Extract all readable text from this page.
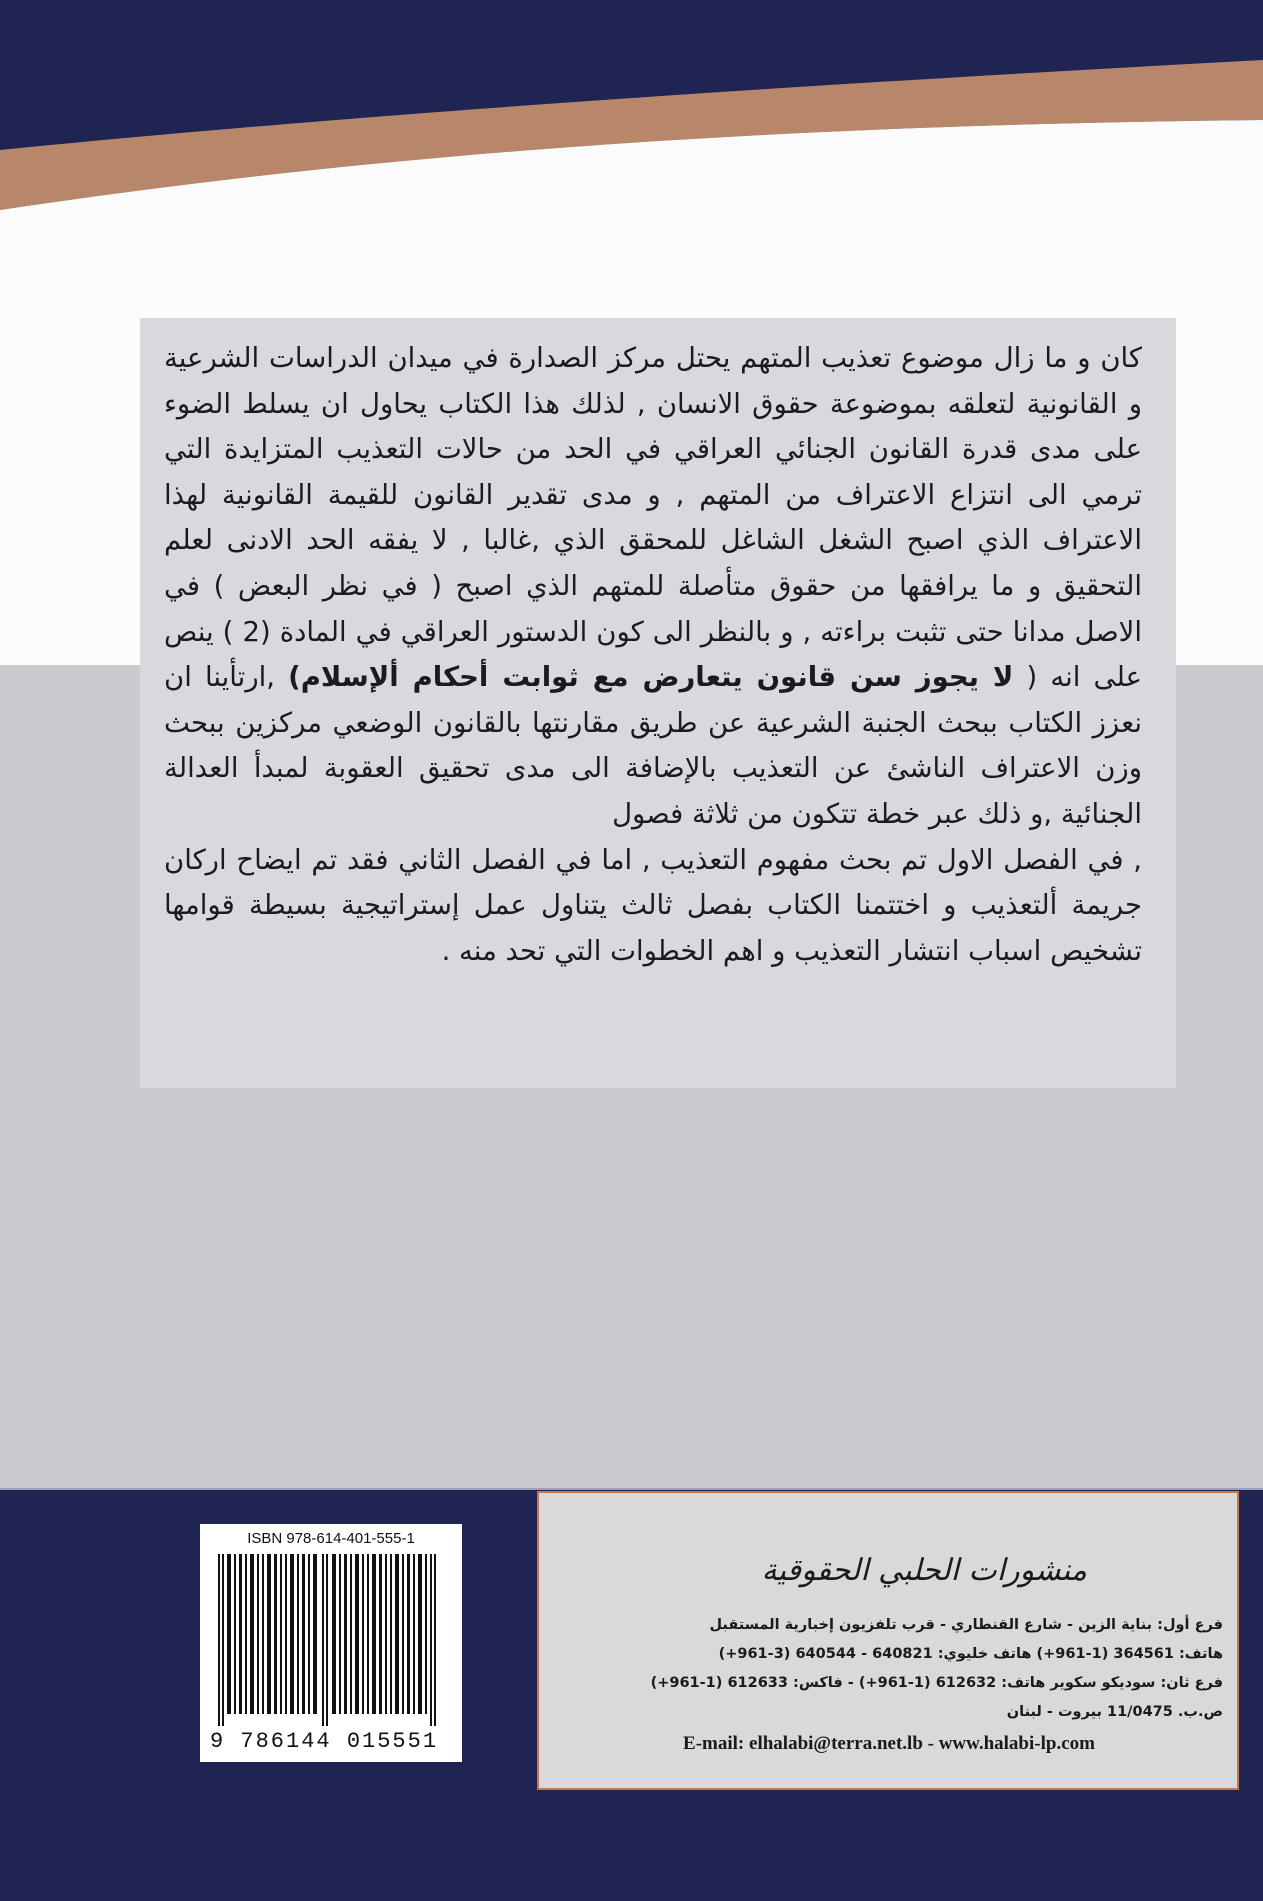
كان و ما زال موضوع تعذيب المتهم يحتل مركز الصدارة في ميدان الدراسات الشرعية و القانونية لتعلقه بموضوعة حقوق الانسان , لذلك هذا الكتاب يحاول ان يسلط الضوء على مدى قدرة القانون الجنائي العراقي في الحد من حالات التعذيب المتزايدة التي ترمي الى انتزاع الاعتراف من المتهم , و مدى تقدير القانون للقيمة القانونية لهذا الاعتراف الذي اصبح الشغل الشاغل للمحقق الذي ,غالبا , لا يفقه الحد الادنى لعلم التحقيق و ما يرافقها من حقوق متأصلة للمتهم الذي اصبح ( في نظر البعض ) في الاصل مدانا حتى تثبت براءته , و بالنظر الى كون الدستور العراقي في المادة (2 ) ينص على انه ( لا يجوز سن قانون يتعارض مع ثوابت أحكام ألإسلام) ,ارتأينا ان نعزز الكتاب ببحث الجنبة الشرعية عن طريق مقارنتها بالقانون الوضعي مركزين ببحث وزن الاعتراف الناشئ عن التعذيب بالإضافة الى مدى تحقيق العقوبة لمبدأ العدالة الجنائية ,و ذلك عبر خطة تتكون من ثلاثة فصول

, في الفصل الاول تم بحث مفهوم التعذيب , اما في الفصل الثاني فقد تم ايضاح اركان جريمة ألتعذيب و اختتمنا الكتاب بفصل ثالث يتناول عمل إستراتيجية بسيطة قوامها تشخيص اسباب انتشار التعذيب و اهم الخطوات التي تحد منه .

ISBN 978-614-401-555-1
9 786144 015551
منشورات الحلبي الحقوقية
فرع أول: بناية الزين - شارع القنطاري - قرب تلفزيون إخبارية المستقبل
هاتف: 364561 (1-961+) هاتف خليوي: 640821 - 640544 (3-961+)
فرع ثان: سوديكو سكوير هاتف: 612632 (1-961+) - فاكس: 612633 (1-961+)
ص.ب. 11/0475 بيروت - لبنان
E-mail: elhalabi@terra.net.lb - www.halabi-lp.com
